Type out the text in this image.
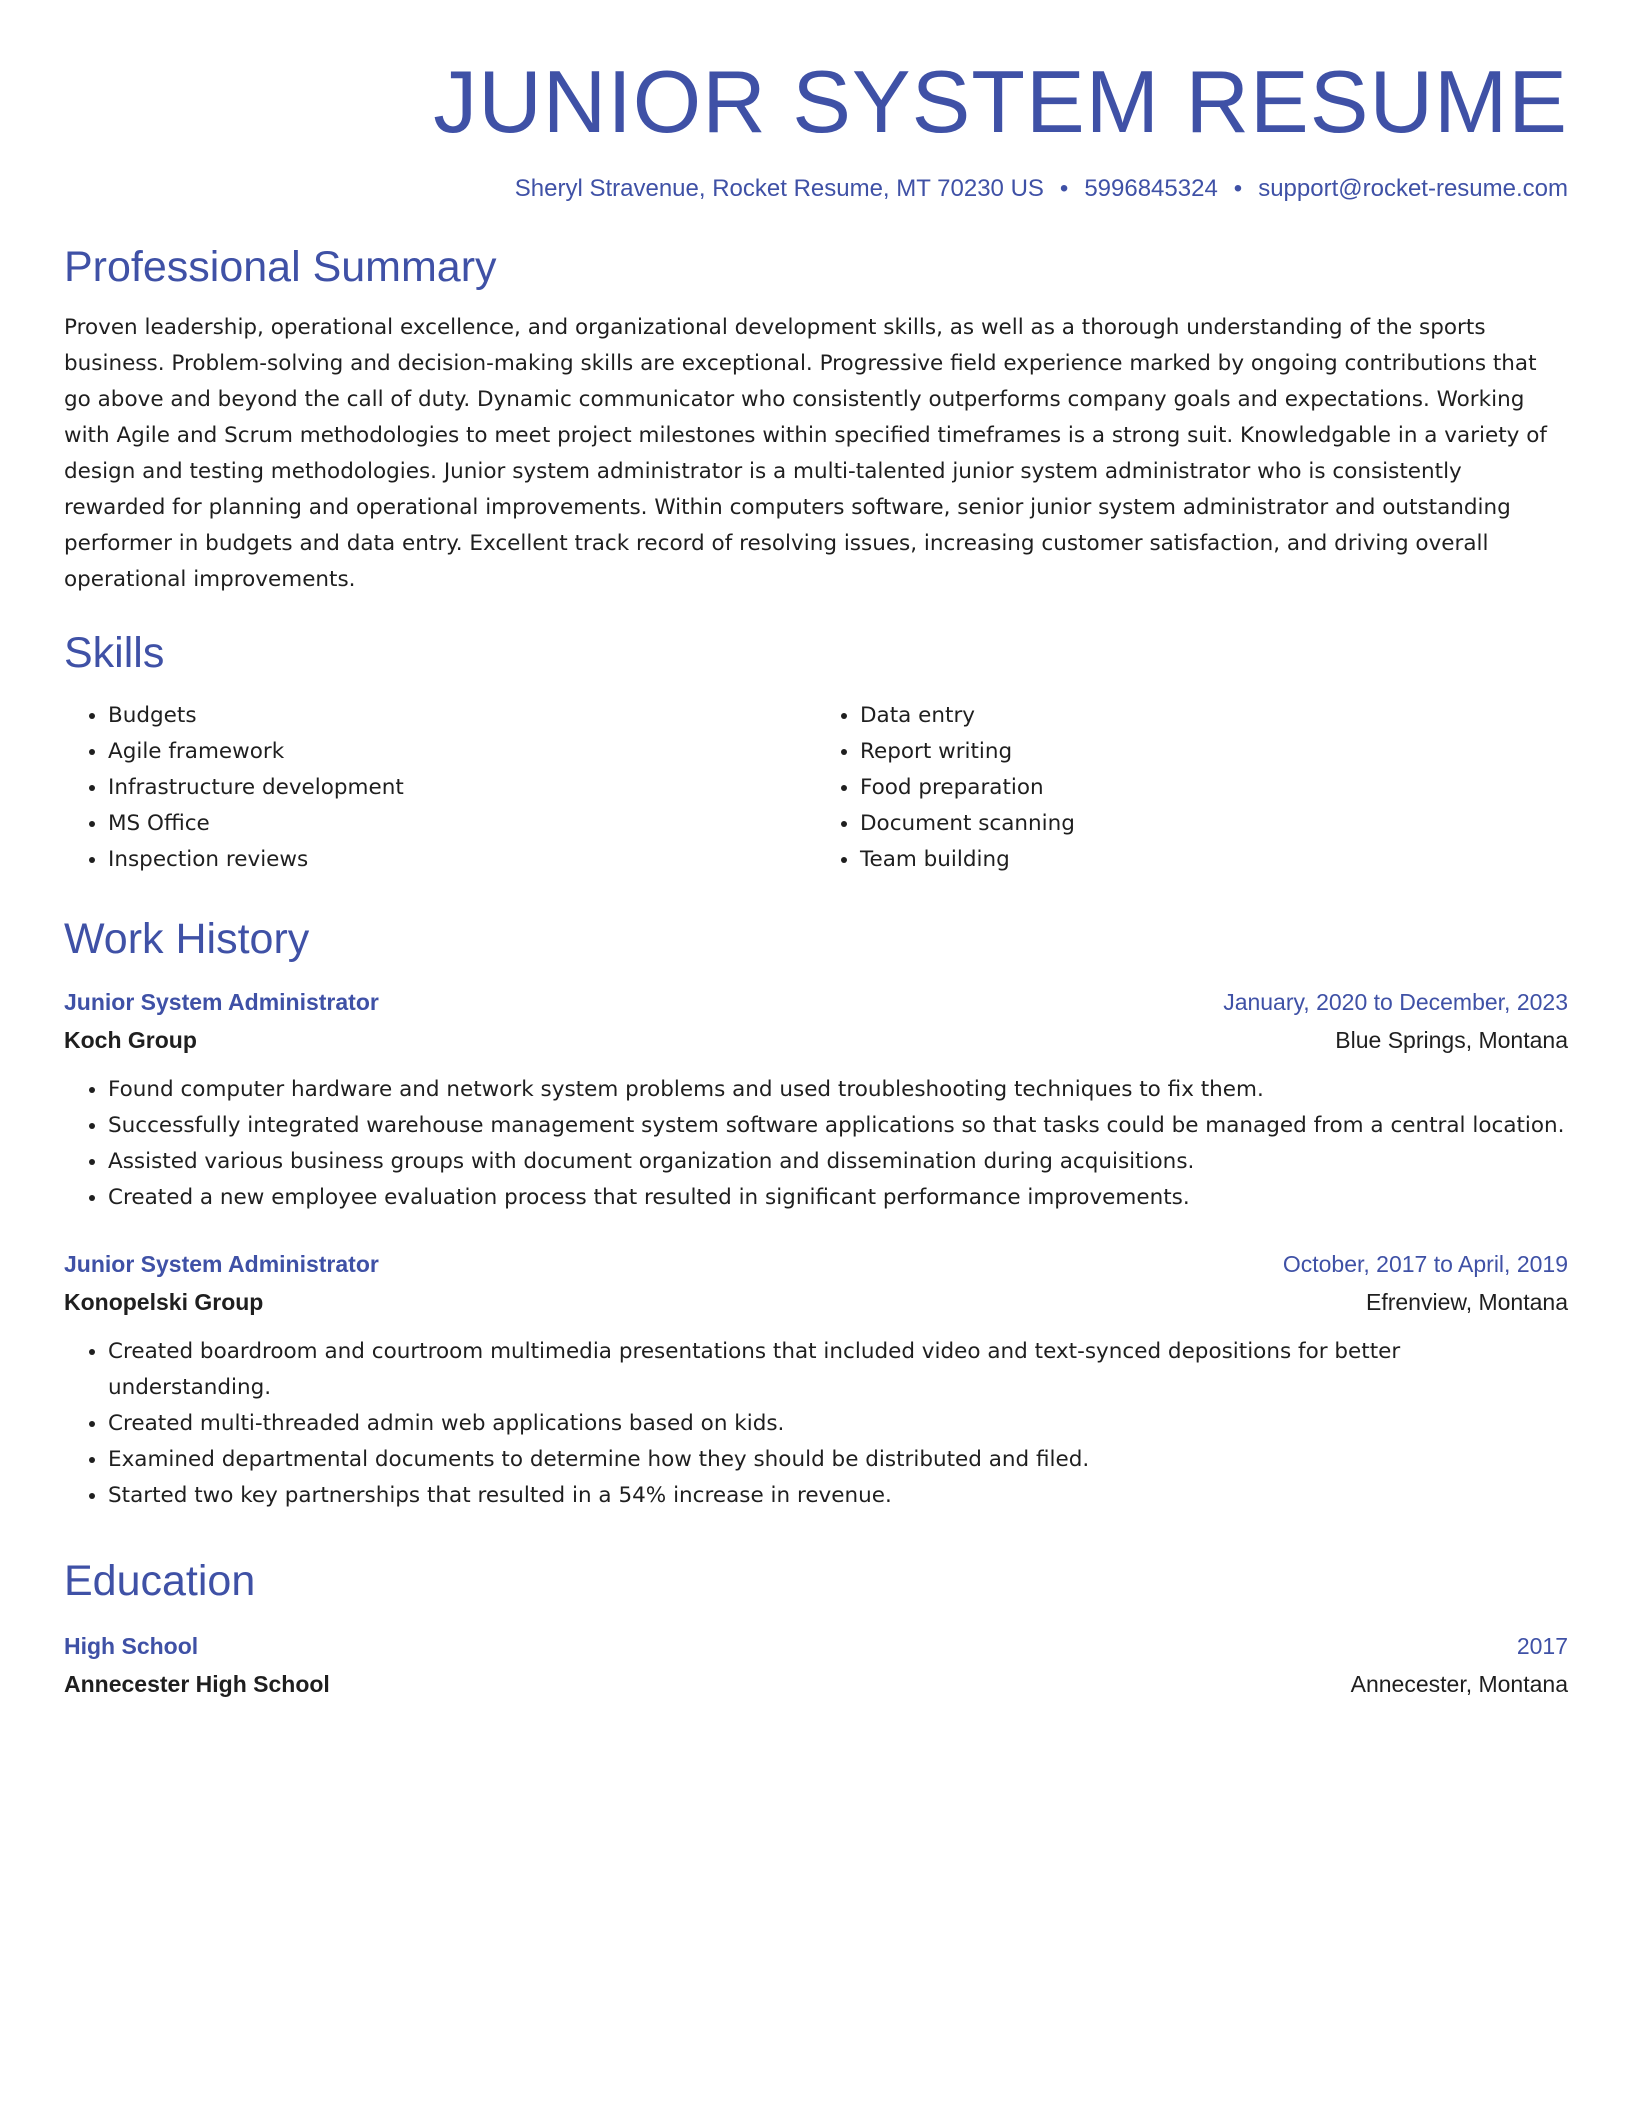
JUNIOR SYSTEM RESUME
Sheryl Stravenue, Rocket Resume, MT 70230 US • 5996845324 • support@rocket-resume.com
Professional Summary
Proven leadership, operational excellence, and organizational development skills, as well as a thorough understanding of the sports business. Problem-solving and decision-making skills are exceptional. Progressive field experience marked by ongoing contributions that go above and beyond the call of duty. Dynamic communicator who consistently outperforms company goals and expectations. Working with Agile and Scrum methodologies to meet project milestones within specified timeframes is a strong suit. Knowledgable in a variety of design and testing methodologies. Junior system administrator is a multi-talented junior system administrator who is consistently rewarded for planning and operational improvements. Within computers software, senior junior system administrator and outstanding performer in budgets and data entry. Excellent track record of resolving issues, increasing customer satisfaction, and driving overall operational improvements.
Skills
• Budgets
• Agile framework
• Infrastructure development
• MS Office
• Inspection reviews
• Data entry
• Report writing
• Food preparation
• Document scanning
• Team building
Work History
Junior System Administrator	January, 2020 to December, 2023
Koch Group	Blue Springs, Montana
• Found computer hardware and network system problems and used troubleshooting techniques to fix them.
• Successfully integrated warehouse management system software applications so that tasks could be managed from a central location.
• Assisted various business groups with document organization and dissemination during acquisitions.
• Created a new employee evaluation process that resulted in significant performance improvements.
Junior System Administrator	October, 2017 to April, 2019
Konopelski Group	Efrenview, Montana
• Created boardroom and courtroom multimedia presentations that included video and text-synced depositions for better understanding.
• Created multi-threaded admin web applications based on kids.
• Examined departmental documents to determine how they should be distributed and filed.
• Started two key partnerships that resulted in a 54% increase in revenue.
Education
High School	2017
Annecester High School	Annecester, Montana
